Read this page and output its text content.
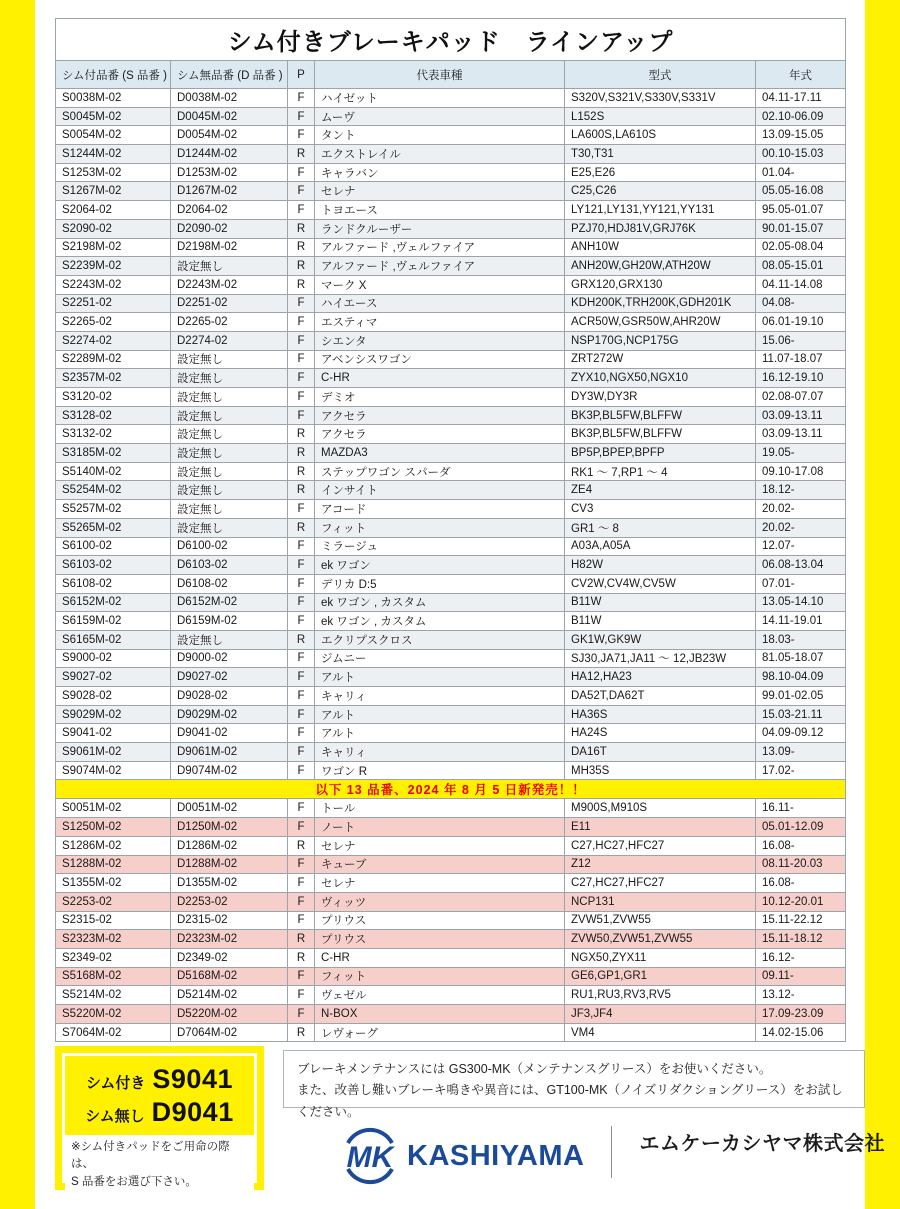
シム付きブレーキパッド　ラインアップ					
シム付品番 (S 品番 )	シム無品番 (D 品番 )	P	代表車種	型式	年式
S0038M-02	D0038M-02	F	ハイゼット	S320V,S321V,S330V,S331V	04.11-17.11
S0045M-02	D0045M-02	F	ムーヴ	L152S	02.10-06.09
S0054M-02	D0054M-02	F	タント	LA600S,LA610S	13.09-15.05
S1244M-02	D1244M-02	R	エクストレイル	T30,T31	00.10-15.03
S1253M-02	D1253M-02	F	キャラバン	E25,E26	01.04-
S1267M-02	D1267M-02	F	セレナ	C25,C26	05.05-16.08
S2064-02	D2064-02	F	トヨエース	LY121,LY131,YY121,YY131	95.05-01.07
S2090-02	D2090-02	R	ランドクルーザー	PZJ70,HDJ81V,GRJ76K	90.01-15.07
S2198M-02	D2198M-02	R	アルファード ,ヴェルファイア	ANH10W	02.05-08.04
S2239M-02	設定無し	R	アルファード ,ヴェルファイア	ANH20W,GH20W,ATH20W	08.05-15.01
S2243M-02	D2243M-02	R	マーク X	GRX120,GRX130	04.11-14.08
S2251-02	D2251-02	F	ハイエース	KDH200K,TRH200K,GDH201K	04.08-
S2265-02	D2265-02	F	エスティマ	ACR50W,GSR50W,AHR20W	06.01-19.10
S2274-02	D2274-02	F	シエンタ	NSP170G,NCP175G	15.06-
S2289M-02	設定無し	F	アベンシスワゴン	ZRT272W	11.07-18.07
S2357M-02	設定無し	F	C-HR	ZYX10,NGX50,NGX10	16.12-19.10
S3120-02	設定無し	F	デミオ	DY3W,DY3R	02.08-07.07
S3128-02	設定無し	F	アクセラ	BK3P,BL5FW,BLFFW	03.09-13.11
S3132-02	設定無し	R	アクセラ	BK3P,BL5FW,BLFFW	03.09-13.11
S3185M-02	設定無し	R	MAZDA3	BP5P,BPEP,BPFP	19.05-
S5140M-02	設定無し	R	ステップワゴン スパーダ	RK1 ～ 7,RP1 ～ 4	09.10-17.08
S5254M-02	設定無し	R	インサイト	ZE4	18.12-
S5257M-02	設定無し	F	アコード	CV3	20.02-
S5265M-02	設定無し	R	フィット	GR1 ～ 8	20.02-
S6100-02	D6100-02	F	ミラージュ	A03A,A05A	12.07-
S6103-02	D6103-02	F	ek ワゴン	H82W	06.08-13.04
S6108-02	D6108-02	F	デリカ D:5	CV2W,CV4W,CV5W	07.01-
S6152M-02	D6152M-02	F	ek ワゴン , カスタム	B11W	13.05-14.10
S6159M-02	D6159M-02	F	ek ワゴン , カスタム	B11W	14.11-19.01
S6165M-02	設定無し	R	エクリプスクロス	GK1W,GK9W	18.03-
S9000-02	D9000-02	F	ジムニー	SJ30,JA71,JA11 ～ 12,JB23W	81.05-18.07
S9027-02	D9027-02	F	アルト	HA12,HA23	98.10-04.09
S9028-02	D9028-02	F	キャリィ	DA52T,DA62T	99.01-02.05
S9029M-02	D9029M-02	F	アルト	HA36S	15.03-21.11
S9041-02	D9041-02	F	アルト	HA24S	04.09-09.12
S9061M-02	D9061M-02	F	キャリィ	DA16T	13.09-
S9074M-02	D9074M-02	F	ワゴン R	MH35S	17.02-
以下 13 品番、2024 年 8 月 5 日新発売！！					
S0051M-02	D0051M-02	F	トール	M900S,M910S	16.11-
S1250M-02	D1250M-02	F	ノート	E11	05.01-12.09
S1286M-02	D1286M-02	R	セレナ	C27,HC27,HFC27	16.08-
S1288M-02	D1288M-02	F	キューブ	Z12	08.11-20.03
S1355M-02	D1355M-02	F	セレナ	C27,HC27,HFC27	16.08-
S2253-02	D2253-02	F	ヴィッツ	NCP131	10.12-20.01
S2315-02	D2315-02	F	プリウス	ZVW51,ZVW55	15.11-22.12
S2323M-02	D2323M-02	R	プリウス	ZVW50,ZVW51,ZVW55	15.11-18.12
S2349-02	D2349-02	R	C-HR	NGX50,ZYX11	16.12-
S5168M-02	D5168M-02	F	フィット	GE6,GP1,GR1	09.11-
S5214M-02	D5214M-02	F	ヴェゼル	RU1,RU3,RV3,RV5	13.12-
S5220M-02	D5220M-02	F	N-BOX	JF3,JF4	17.09-23.09
S7064M-02	D7064M-02	R	レヴォーグ	VM4	14.02-15.06
シム付き S9041
シム無し D9041
※シム付きパッドをご用命の際は、
S 品番をお選び下さい。
ブレーキメンテナンスには GS300-MK（メンテナンスグリース）をお使いください。
また、改善し難いブレーキ鳴きや異音には、GT100-MK（ノイズリダクショングリース）をお試しください。
MK KASHIYAMA	エムケーカシヤマ株式会社
